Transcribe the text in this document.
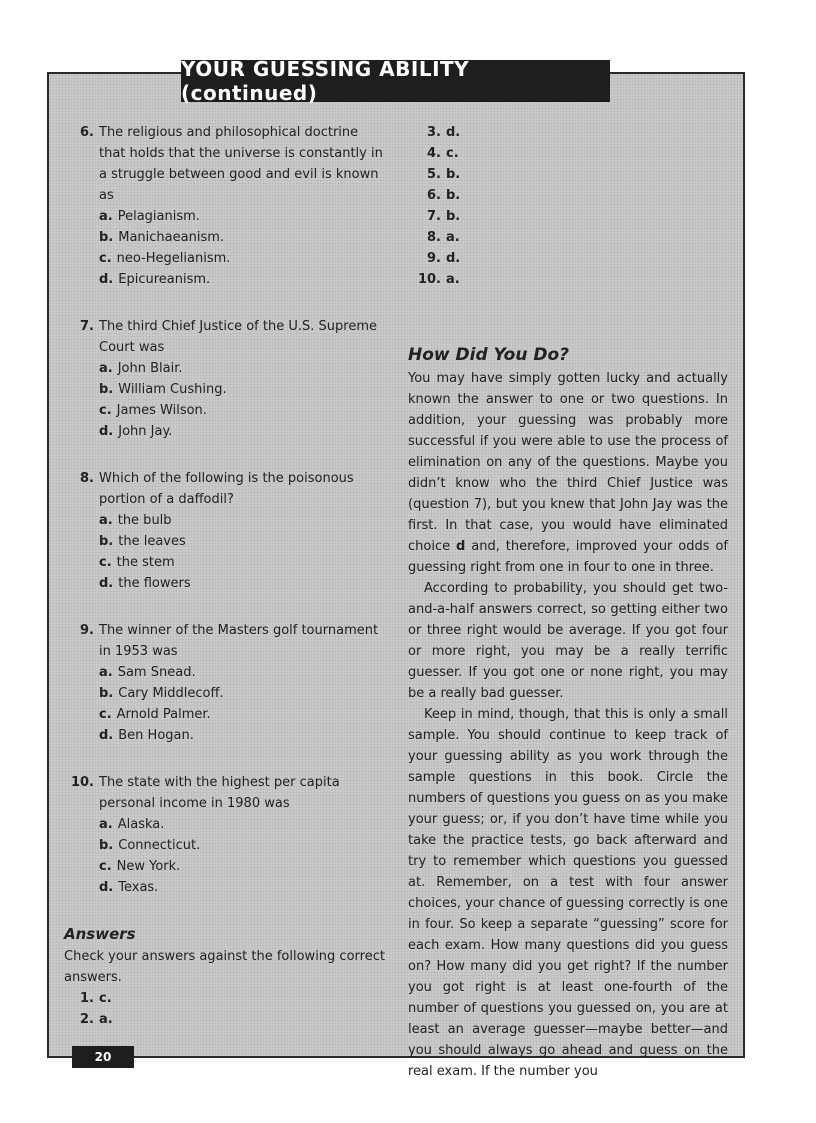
YOUR GUESSING ABILITY (continued)
6. The religious and philosophical doctrine that holds that the universe is constantly in a struggle between good and evil is known as
a. Pelagianism.
b. Manichaeanism.
c. neo-Hegelianism.
d. Epicureanism.
7. The third Chief Justice of the U.S. Supreme Court was
a. John Blair.
b. William Cushing.
c. James Wilson.
d. John Jay.
8. Which of the following is the poisonous portion of a daffodil?
a. the bulb
b. the leaves
c. the stem
d. the flowers
9. The winner of the Masters golf tournament in 1953 was
a. Sam Snead.
b. Cary Middlecoff.
c. Arnold Palmer.
d. Ben Hogan.
10. The state with the highest per capita personal income in 1980 was
a. Alaska.
b. Connecticut.
c. New York.
d. Texas.
Answers
Check your answers against the following correct answers.
1. c.
2. a.
3. d.
4. c.
5. b.
6. b.
7. b.
8. a.
9. d.
10. a.
How Did You Do?

You may have simply gotten lucky and actually known the answer to one or two questions. In addition, your guessing was probably more successful if you were able to use the process of elimination on any of the questions. Maybe you didn’t know who the third Chief Justice was (question 7), but you knew that John Jay was the first. In that case, you would have eliminated choice d and, therefore, improved your odds of guessing right from one in four to one in three.

According to probability, you should get two-and-a-half answers correct, so getting either two or three right would be average. If you got four or more right, you may be a really terrific guesser. If you got one or none right, you may be a really bad guesser.

Keep in mind, though, that this is only a small sample. You should continue to keep track of your guessing ability as you work through the sample questions in this book. Circle the numbers of questions you guess on as you make your guess; or, if you don’t have time while you take the practice tests, go back afterward and try to remember which questions you guessed at. Remember, on a test with four answer choices, your chance of guessing correctly is one in four. So keep a separate “guessing” score for each exam. How many questions did you guess on? How many did you get right? If the number you got right is at least one-fourth of the number of questions you guessed on, you are at least an average guesser—maybe better—and you should always go ahead and guess on the real exam. If the number you

20
